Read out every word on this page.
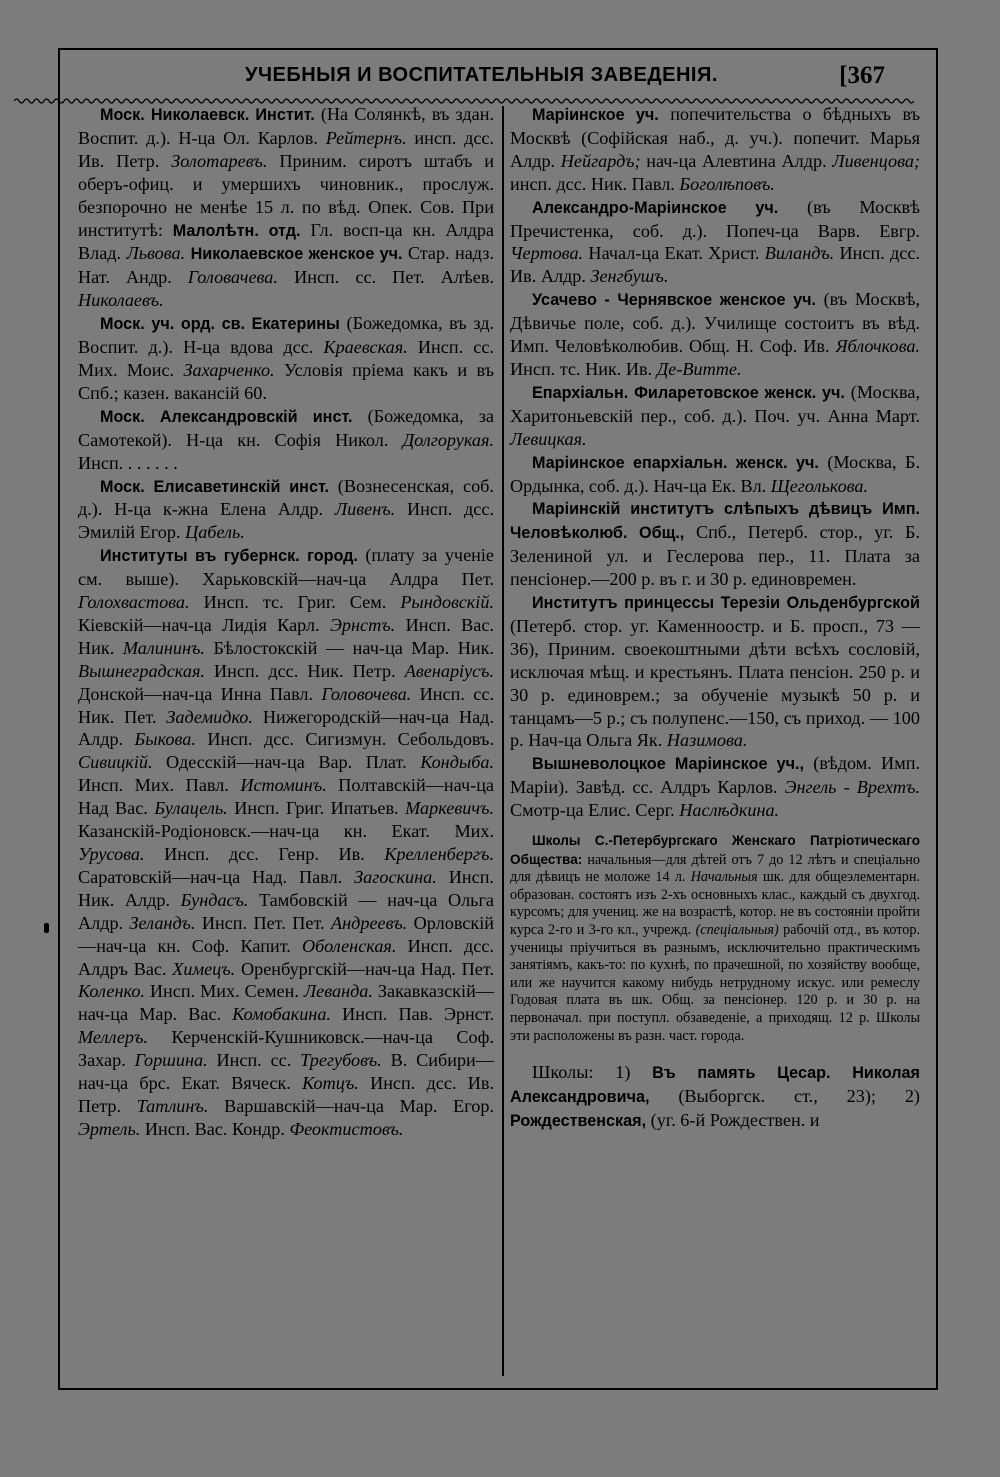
УЧЕБНЫЯ И ВОСПИТАТЕЛЬНЫЯ ЗАВЕДЕНІЯ.	[367

Моск. Николаевск. Инстит. (На Солянкѣ, въ здан. Воспит. д.). Н-ца Ол. Карлов. Рейтернъ. инсп. дсс. Ив. Петр. Золотаревъ. Приним. сиротъ штабъ и оберъ-офиц. и умершихъ чиновник., прослуж. безпорочно не менѣе 15 л. по вѣд. Опек. Сов. При институтѣ: Малолѣтн. отд. Гл. восп-ца кн. Алдра Влад. Львова. Николаевское женское уч. Стар. надз. Нат. Андр. Головачева. Инсп. сс. Пет. Алѣев. Николаевъ.

Моск. уч. орд. св. Екатерины (Божедомка, въ зд. Воспит. д.). Н-ца вдова дсс. Краевская. Инсп. сс. Мих. Моис. Захарченко. Условія пріема какъ и въ Спб.; казен. вакансій 60.

Моск. Александровскій инст. (Божедомка, за Самотекой). Н-ца кн. Софія Никол. Долгорукая. Инсп. . . . . . .

Моск. Елисаветинскій инст. (Вознесенская, соб. д.). Н-ца к-жна Елена Алдр. Ливенъ. Инсп. дсс. Эмилій Егор. Цабель.

Институты въ губернск. город. (плату за ученіе см. выше). Харьковскій—нач-ца Алдра Пет. Голохвастова. Инсп. тс. Григ. Сем. Рындовскій. Кіевскій—нач-ца Лидія Карл. Эрнстъ. Инсп. Вас. Ник. Малининъ. Бѣлостокскій — нач-ца Мар. Ник. Вышнеградская. Инсп. дсс. Ник. Петр. Авенаріусъ. Донской—нач-ца Инна Павл. Головочева. Инсп. сс. Ник. Пет. Задемидко. Нижегородскій—нач-ца Над. Алдр. Быкова. Инсп. дсс. Сигизмун. Себольдовъ. Сивицкій. Одесскій—нач-ца Вар. Плат. Кондыба. Инсп. Мих. Павл. Истоминъ. Полтавскій—нач-ца Над Вас. Булацель. Инсп. Григ. Ипатьев. Маркевичъ. Казанскій-Родіоновск.—нач-ца кн. Екат. Мих. Урусова. Инсп. дсс. Генр. Ив. Крелленбергъ. Саратовскій—нач-ца Над. Павл. Загоскина. Инсп. Ник. Алдр. Бундасъ. Тамбовскій — нач-ца Ольга Алдр. Зеландъ. Инсп. Пет. Пет. Андреевъ. Орловскій—нач-ца кн. Соф. Капит. Оболенская. Инсп. дсс. Алдръ Вас. Химецъ. Оренбургскій—нач-ца Над. Пет. Коленко. Инсп. Мих. Семен. Леванда. Закавказскій—нач-ца Мар. Вас. Комобакина. Инсп. Пав. Эрнст. Меллеръ. Керченскій-Кушниковск.—нач-ца Соф. Захар. Горшина. Инсп. сс. Трегубовъ. В. Сибири—нач-ца брс. Екат. Вяческ. Котцъ. Инсп. дсс. Ив. Петр. Татлинъ. Варшавскій—нач-ца Мар. Егор. Эртель. Инсп. Вас. Кондр. Феоктистовъ.

Маріинское уч. попечительства о бѣдныхъ въ Москвѣ (Софійская наб., д. уч.). попечит. Марья Алдр. Нейгардъ; нач-ца Алевтина Алдр. Ливенцова; инсп. дсс. Ник. Павл. Боголѣповъ.

Александро-Маріинское уч. (въ Москвѣ Пречистенка, соб. д.). Попеч-ца Варв. Евгр. Чертова. Начал-ца Екат. Христ. Виландъ. Инсп. дсс. Ив. Алдр. Зенгбушъ.

Усачево - Чернявское женское уч. (въ Москвѣ, Дѣвичье поле, соб. д.). Училище состоитъ въ вѣд. Имп. Человѣколюбив. Общ. Н. Соф. Ив. Яблочкова. Инсп. тс. Ник. Ив. Де-Витте.

Епархіальн. Филаретовское женск. уч. (Москва, Харитоньевскій пер., соб. д.). Поч. уч. Анна Март. Левицкая.

Маріинское епархіальн. женск. уч. (Москва, Б. Ордынка, соб. д.). Нач-ца Ек. Вл. Щеголькова.

Маріинскій институтъ слѣпыхъ дѣвицъ Имп. Человѣколюб. Общ., Спб., Петерб. стор., уг. Б. Зелениной ул. и Геслерова пер., 11. Плата за пенсіонер.—200 р. въ г. и 30 р. единовремен.

Институтъ принцессы Терезіи Ольденбургской (Петерб. стор. уг. Каменноостр. и Б. просп., 73 — 36), Приним. своекоштными дѣти всѣхъ сословій, исключая мѣщ. и крестьянъ. Плата пенсіон. 250 р. и 30 р. единоврем.; за обученіе музыкѣ 50 р. и танцамъ—5 р.; съ полупенс.—150, съ приход. — 100 р. Нач-ца Ольга Як. Назимова.

Вышневолоцкое Маріинское уч., (вѣдом. Имп. Маріи). Завѣд. сс. Алдръ Карлов. Энгель - Врехтъ. Смотр-ца Елис. Серг. Наслѣдкина.

Школы С.-Петербургскаго Женскаго Патріотическаго Общества: начальныя—для дѣтей отъ 7 до 12 лѣтъ и спеціально для дѣвицъ не моложе 14 л. Начальныя шк. для общеэлементарн. образован. состоятъ изъ 2-хъ основныхъ клас., каждый съ двухгод. курсомъ; для учениц. же на возрастѣ, котор. не въ состояніи пройти курса 2-го и 3-го кл., учрежд. (спеціальныя) рабочій отд., въ котор. ученицы пріучиться въ разнымъ, исключительно практическимъ занятіямъ, какъ-то: по кухнѣ, по прачешной, по хозяйству вообще, или же научится какому нибудь нетрудному искус. или ремеслу Годовая плата въ шк. Общ. за пенсіонер. 120 р. и 30 р. на первоначал. при поступл. обзаведеніе, а приходящ. 12 р. Школы эти расположены въ разн. част. города.

Школы: 1) Въ память Цесар. Николая Александровича, (Выборгск. ст., 23); 2) Рождественская, (уг. 6-й Рождествен. и
